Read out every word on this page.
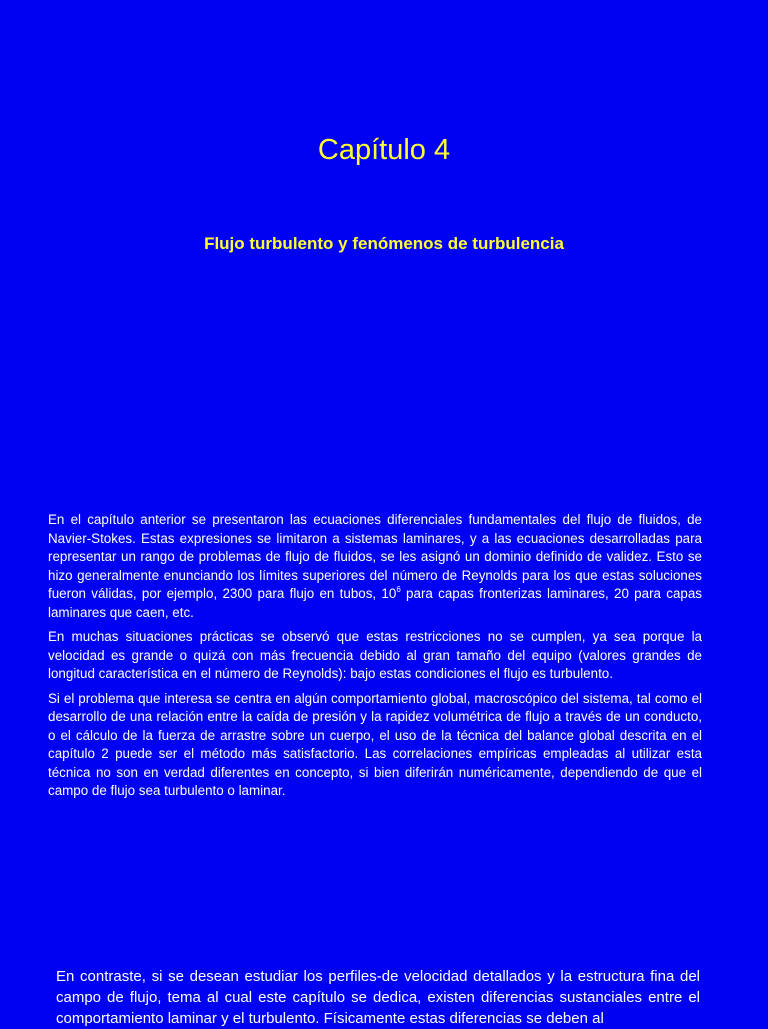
Capítulo 4
Flujo turbulento y fenómenos de turbulencia

En el capítulo anterior se presentaron las ecuaciones diferenciales fundamentales del flujo de fluidos, de Navier-Stokes. Estas expresiones se limitaron a sistemas laminares, y a las ecuaciones desarrolladas para representar un rango de problemas de flujo de fluidos, se les asignó un dominio definido de validez. Esto se hizo generalmente enunciando los límites superiores del número de Reynolds para los que estas soluciones fueron válidas, por ejemplo, 2300 para flujo en tubos, $10^6$ para capas fronterizas laminares, 20 para capas laminares que caen, etc.

En muchas situaciones prácticas se observó que estas restricciones no se cumplen, ya sea porque la velocidad es grande o quizá con más frecuencia debido al gran tamaño del equipo (valores grandes de longitud característica en el número de Reynolds): bajo estas condiciones el flujo es turbulento.

Si el problema que interesa se centra en algún comportamiento global, macroscópico del sistema, tal como el desarrollo de una relación entre la caída de presión y la rapidez volumétrica de flujo a través de un conducto, o el cálculo de la fuerza de arrastre sobre un cuerpo, el uso de la técnica del balance global descrita en el capítulo 2 puede ser el método más satisfactorio. Las correlaciones empíricas empleadas al utilizar esta técnica no son en verdad diferentes en concepto, si bien diferirán numéricamente, dependiendo de que el campo de flujo sea turbulento o laminar.

En contraste, si se desean estudiar los perfiles-de velocidad detallados y la estructura fina del campo de flujo, tema al cual este capítulo se dedica, existen diferencias sustanciales entre el comportamiento laminar y el turbulento. Físicamente estas diferencias se deben al
